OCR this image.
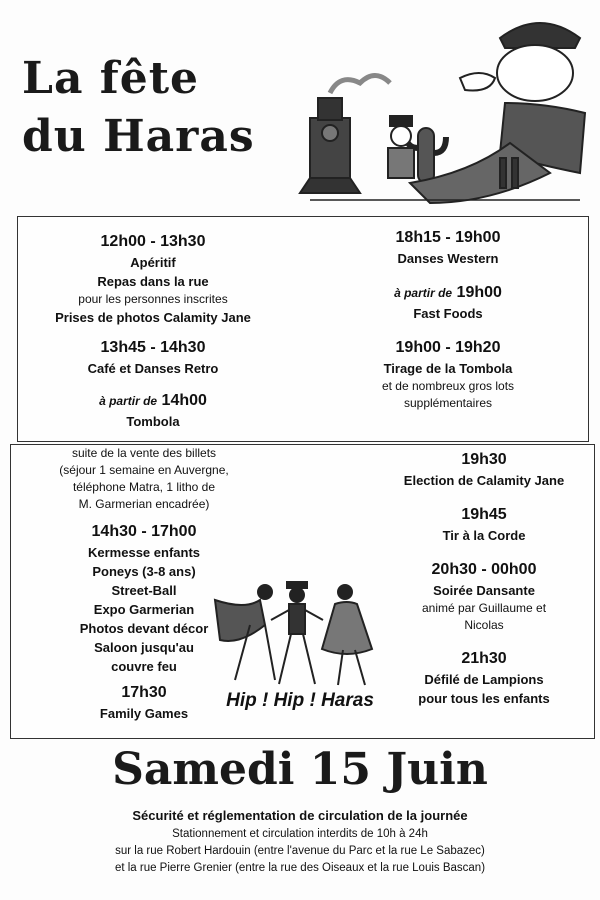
La fête
du Haras
12h00 - 13h30
Apéritif
Repas dans la rue
pour les personnes inscrites
Prises de photos Calamity Jane
13h45 - 14h30
Café et Danses Retro
à partir de 14h00
Tombola
18h15 - 19h00
Danses Western
à partir de 19h00
Fast Foods
19h00 - 19h20
Tirage de la Tombola
et de nombreux gros lots
supplémentaires
suite de la vente des billets
(séjour 1 semaine en Auvergne,
téléphone Matra, 1 litho de
M. Garmerian encadrée)
14h30 - 17h00
Kermesse enfants
Poneys (3-8 ans)
Street-Ball
Expo Garmerian
Photos devant décor
Saloon jusqu'au
couvre feu
17h30
Family Games
19h30
Election de Calamity Jane
19h45
Tir à la Corde
20h30 - 00h00
Soirée Dansante
animé par Guillaume et
Nicolas
21h30
Défilé de Lampions
pour tous les enfants
Hip ! Hip ! Haras
Samedi 15 Juin
Sécurité et réglementation de circulation de la journée
Stationnement et circulation interdits de 10h à 24h
sur la rue Robert Hardouin (entre l'avenue du Parc et la rue Le Sabazec)
et la rue Pierre Grenier (entre la rue des Oiseaux et la rue Louis Bascan)
